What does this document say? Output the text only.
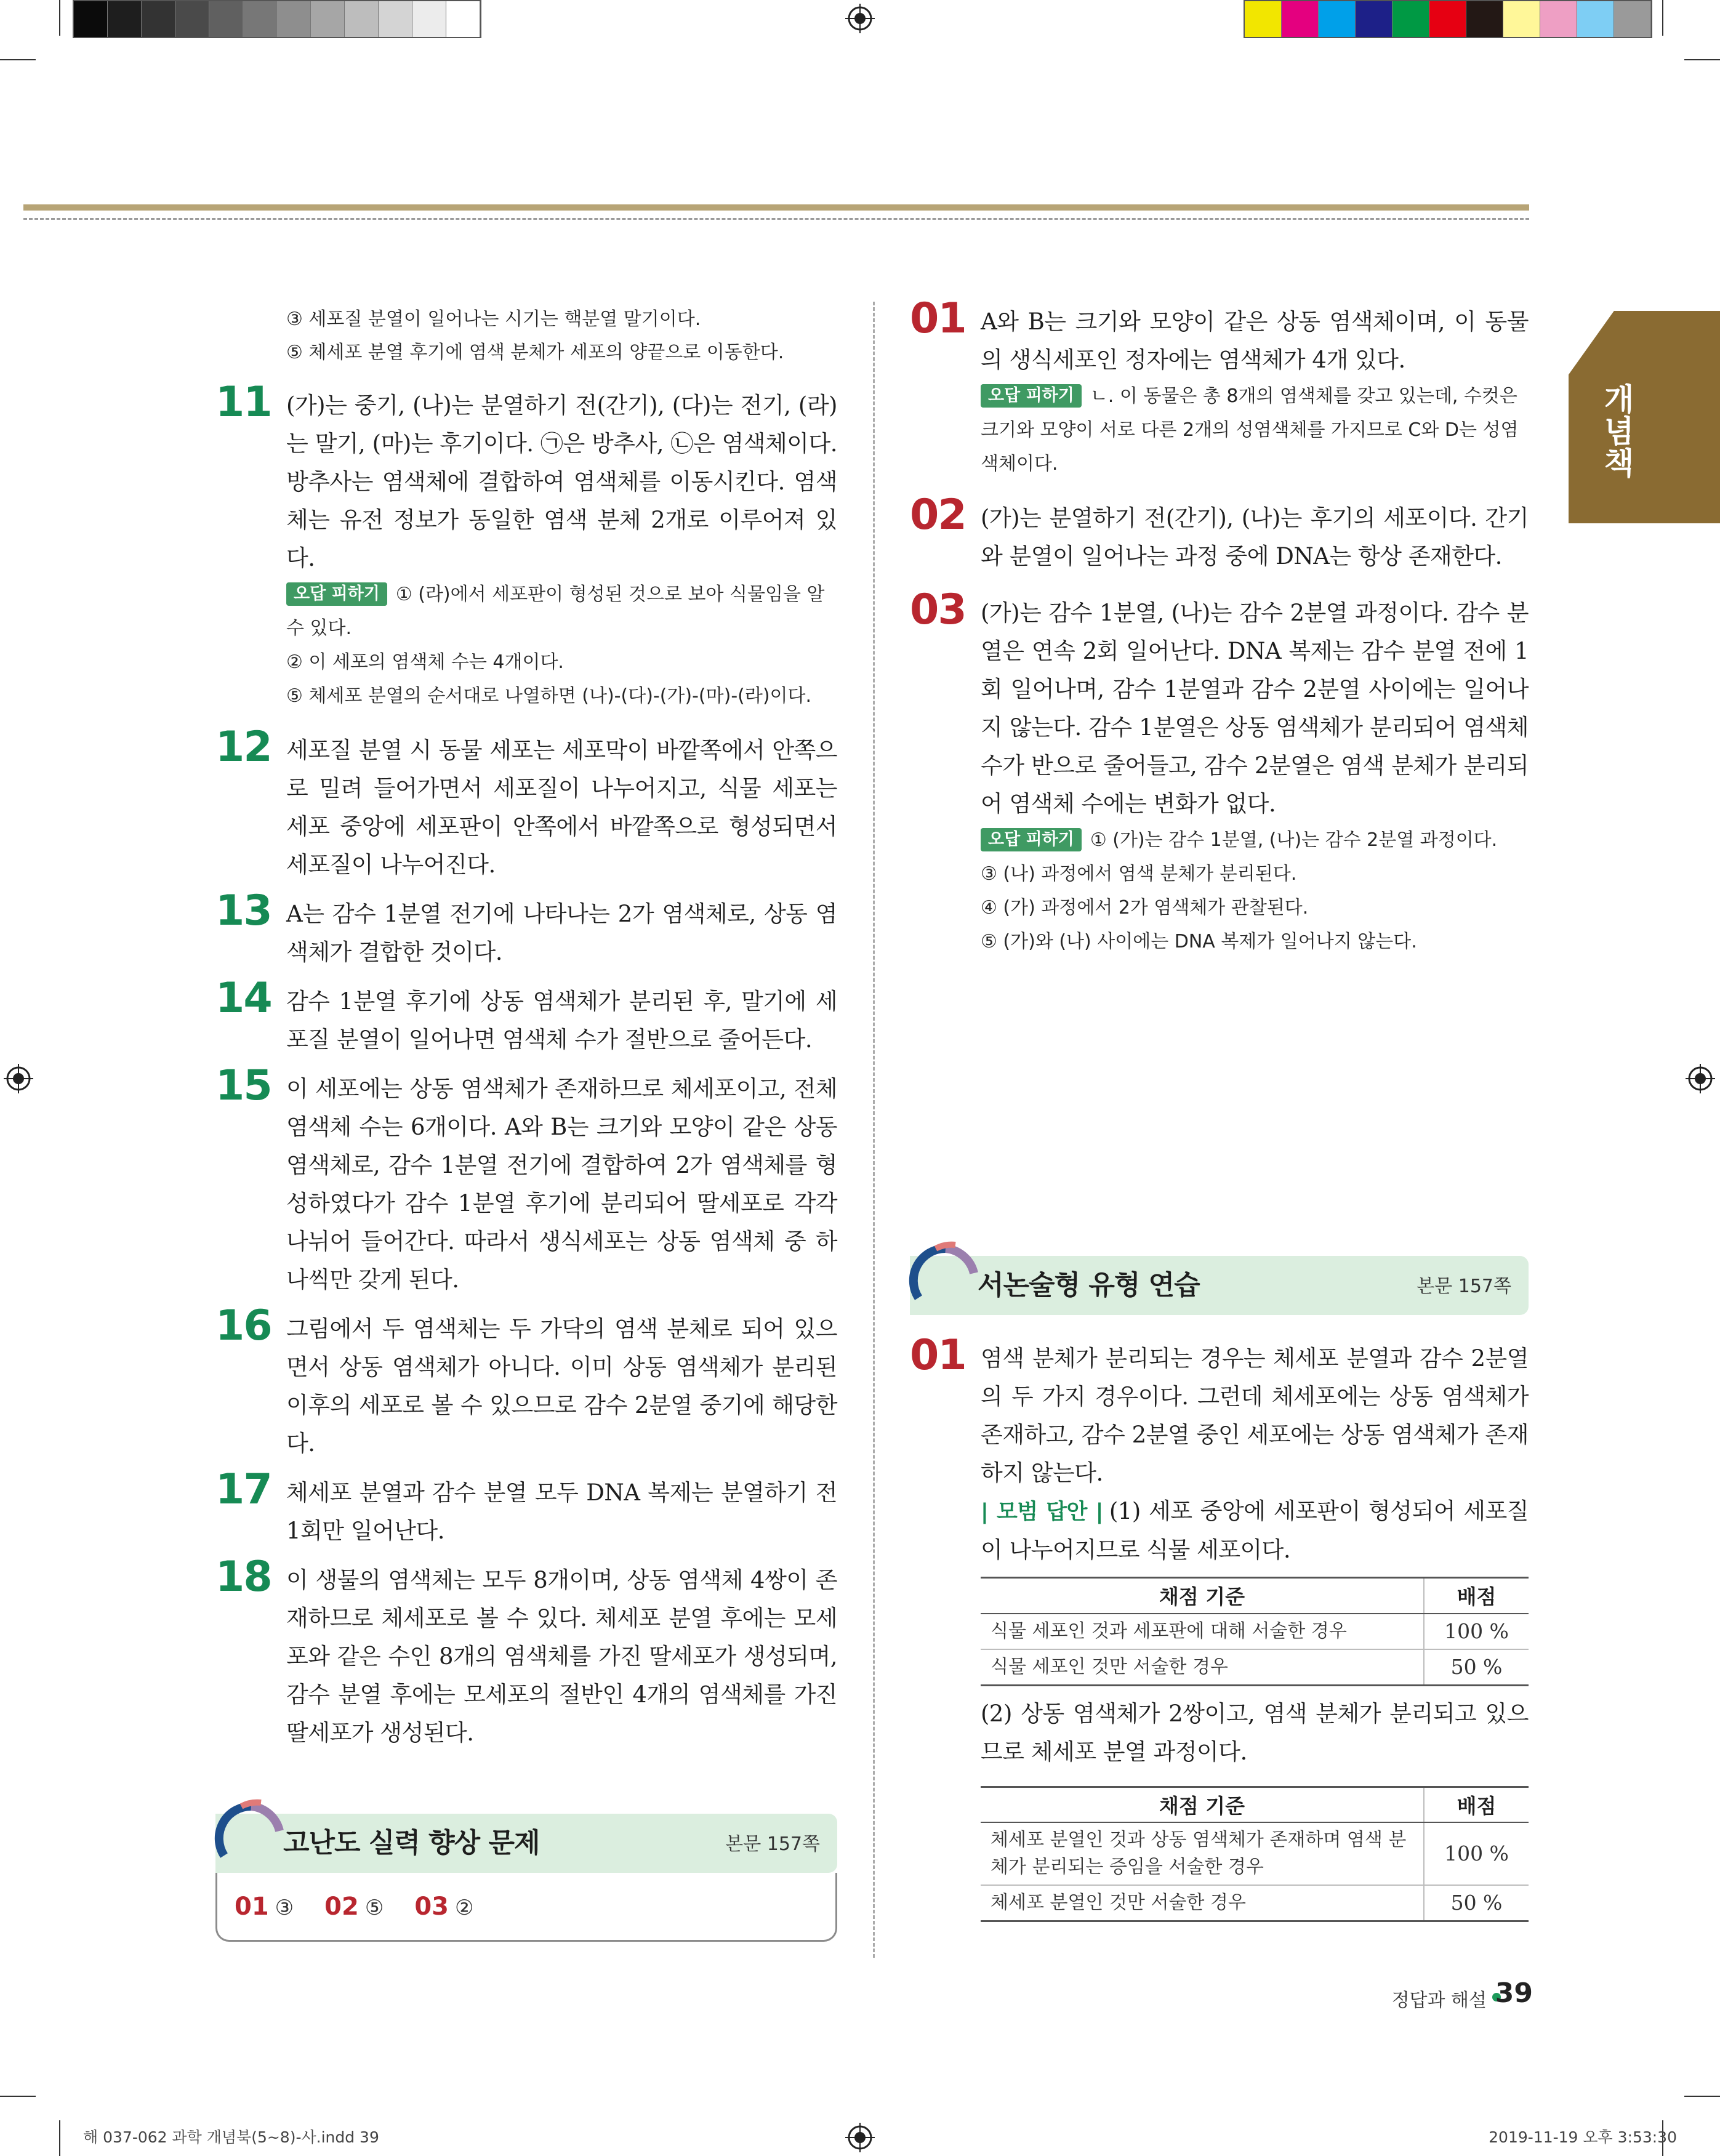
개념책

③ 세포질 분열이 일어나는 시기는 핵분열 말기이다.

⑤ 체세포 분열 후기에 염색 분체가 세포의 양끝으로 이동한다.

11 (가)는 중기, (나)는 분열하기 전(간기), (다)는 전기, (라)는 말기, (마)는 후기이다. ㉠은 방추사, ㉡은 염색체이다. 방추사는 염색체에 결합하여 염색체를 이동시킨다. 염색체는 유전 정보가 동일한 염색 분체 2개로 이루어져 있다.

오답 피하기 ① (라)에서 세포판이 형성된 것으로 보아 식물임을 알 수 있다.

② 이 세포의 염색체 수는 4개이다.

⑤ 체세포 분열의 순서대로 나열하면 (나)-(다)-(가)-(마)-(라)이다.

12 세포질 분열 시 동물 세포는 세포막이 바깥쪽에서 안쪽으로 밀려 들어가면서 세포질이 나누어지고, 식물 세포는 세포 중앙에 세포판이 안쪽에서 바깥쪽으로 형성되면서 세포질이 나누어진다.

13 A는 감수 1분열 전기에 나타나는 2가 염색체로, 상동 염색체가 결합한 것이다.

14 감수 1분열 후기에 상동 염색체가 분리된 후, 말기에 세포질 분열이 일어나면 염색체 수가 절반으로 줄어든다.

15 이 세포에는 상동 염색체가 존재하므로 체세포이고, 전체 염색체 수는 6개이다. A와 B는 크기와 모양이 같은 상동 염색체로, 감수 1분열 전기에 결합하여 2가 염색체를 형성하였다가 감수 1분열 후기에 분리되어 딸세포로 각각 나뉘어 들어간다. 따라서 생식세포는 상동 염색체 중 하나씩만 갖게 된다.

16 그림에서 두 염색체는 두 가닥의 염색 분체로 되어 있으면서 상동 염색체가 아니다. 이미 상동 염색체가 분리된 이후의 세포로 볼 수 있으므로 감수 2분열 중기에 해당한다.

17 체세포 분열과 감수 분열 모두 DNA 복제는 분열하기 전 1회만 일어난다.

18 이 생물의 염색체는 모두 8개이며, 상동 염색체 4쌍이 존재하므로 체세포로 볼 수 있다. 체세포 분열 후에는 모세포와 같은 수인 8개의 염색체를 가진 딸세포가 생성되며, 감수 분열 후에는 모세포의 절반인 4개의 염색체를 가진 딸세포가 생성된다.

고난도 실력 향상 문제	본문 157쪽
01 ③ 02 ⑤ 03 ②
01 A와 B는 크기와 모양이 같은 상동 염색체이며, 이 동물의 생식세포인 정자에는 염색체가 4개 있다.

오답 피하기 ㄴ. 이 동물은 총 8개의 염색체를 갖고 있는데, 수컷은 크기와 모양이 서로 다른 2개의 성염색체를 가지므로 C와 D는 성염색체이다.

02 (가)는 분열하기 전(간기), (나)는 후기의 세포이다. 간기와 분열이 일어나는 과정 중에 DNA는 항상 존재한다.

03 (가)는 감수 1분열, (나)는 감수 2분열 과정이다. 감수 분열은 연속 2회 일어난다. DNA 복제는 감수 분열 전에 1회 일어나며, 감수 1분열과 감수 2분열 사이에는 일어나지 않는다. 감수 1분열은 상동 염색체가 분리되어 염색체 수가 반으로 줄어들고, 감수 2분열은 염색 분체가 분리되어 염색체 수에는 변화가 없다.

오답 피하기 ① (가)는 감수 1분열, (나)는 감수 2분열 과정이다.

③ (나) 과정에서 염색 분체가 분리된다.

④ (가) 과정에서 2가 염색체가 관찰된다.

⑤ (가)와 (나) 사이에는 DNA 복제가 일어나지 않는다.

서논술형 유형 연습	본문 157쪽
01 염색 분체가 분리되는 경우는 체세포 분열과 감수 2분열의 두 가지 경우이다. 그런데 체세포에는 상동 염색체가 존재하고, 감수 2분열 중인 세포에는 상동 염색체가 존재하지 않는다.

| 모범 답안 | (1) 세포 중앙에 세포판이 형성되어 세포질이 나누어지므로 식물 세포이다.

채점 기준	배점
식물 세포인 것과 세포판에 대해 서술한 경우	100 %
식물 세포인 것만 서술한 경우	50 %

(2) 상동 염색체가 2쌍이고, 염색 분체가 분리되고 있으므로 체세포 분열 과정이다.

채점 기준	배점
체세포 분열인 것과 상동 염색체가 존재하며 염색 분체가 분리되는 증임을 서술한 경우	100 %
체세포 분열인 것만 서술한 경우	50 %
정답과 해설 39
해 037-062 과학 개념북(5~8)-사.indd 39	2019-11-19 오후 3:53:30
